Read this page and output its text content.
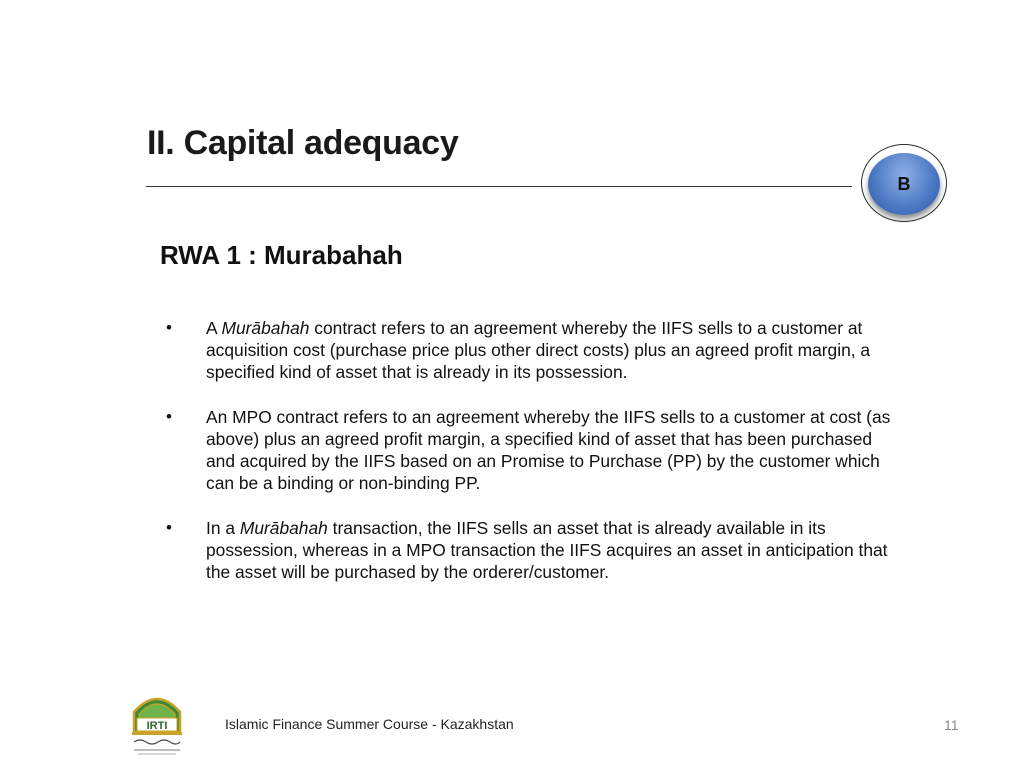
II. Capital adequacy
B
RWA 1 : Murabahah
• A Murābahah contract refers to an agreement whereby the IIFS sells to a customer at acquisition cost (purchase price plus other direct costs) plus an agreed profit margin, a specified kind of asset that is already in its possession.
• An MPO contract refers to an agreement whereby the IIFS sells to a customer at cost (as above) plus an agreed profit margin, a specified kind of asset that has been purchased and acquired by the IIFS based on an Promise to Purchase (PP) by the customer which can be a binding or non-binding PP.
• In a Murābahah transaction, the IIFS sells an asset that is already available in its possession, whereas in a MPO transaction the IIFS acquires an asset in anticipation that the asset will be purchased by the orderer/customer.
IRTI	Islamic Finance Summer Course - Kazakhstan	11
